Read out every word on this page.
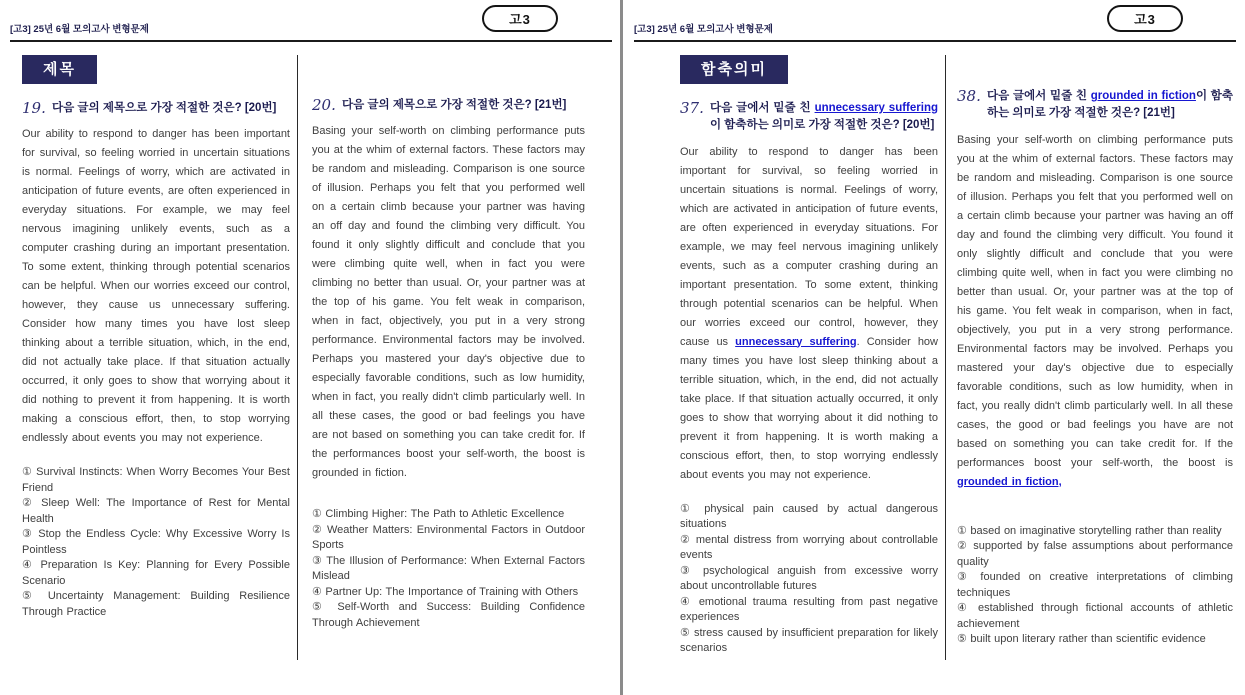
[고3] 25년 6월 모의고사 변형문제
고3
제목
19. 다음 글의 제목으로 가장 적절한 것은? [20번]
Our ability to respond to danger has been important for survival, so feeling worried in uncertain situations is normal. Feelings of worry, which are activated in anticipation of future events, are often experienced in everyday situations. For example, we may feel nervous imagining unlikely events, such as a computer crashing during an important presentation. To some extent, thinking through potential scenarios can be helpful. When our worries exceed our control, however, they cause us unnecessary suffering. Consider how many times you have lost sleep thinking about a terrible situation, which, in the end, did not actually take place. If that situation actually occurred, it only goes to show that worrying about it did nothing to prevent it from happening. It is worth making a conscious effort, then, to stop worrying endlessly about events you may not experience.
① Survival Instincts: When Worry Becomes Your Best Friend
② Sleep Well: The Importance of Rest for Mental Health
③ Stop the Endless Cycle: Why Excessive Worry Is Pointless
④ Preparation Is Key: Planning for Every Possible Scenario
⑤ Uncertainty Management: Building Resilience Through Practice
20. 다음 글의 제목으로 가장 적절한 것은? [21번]
Basing your self-worth on climbing performance puts you at the whim of external factors. These factors may be random and misleading. Comparison is one source of illusion. Perhaps you felt that you performed well on a certain climb because your partner was having an off day and found the climbing very difficult. You found it only slightly difficult and conclude that you were climbing quite well, when in fact you were climbing no better than usual. Or, your partner was at the top of his game. You felt weak in comparison, when in fact, objectively, you put in a very strong performance. Environmental factors may be involved. Perhaps you mastered your day's objective due to especially favorable conditions, such as low humidity, when in fact, you really didn't climb particularly well. In all these cases, the good or bad feelings you have are not based on something you can take credit for. If the performances boost your self-worth, the boost is grounded in fiction.
① Climbing Higher: The Path to Athletic Excellence
② Weather Matters: Environmental Factors in Outdoor Sports
③ The Illusion of Performance: When External Factors Mislead
④ Partner Up: The Importance of Training with Others
⑤ Self-Worth and Success: Building Confidence Through Achievement
[고3] 25년 6월 모의고사 변형문제
고3
함축의미
37. 다음 글에서 밑줄 친 unnecessary suffering이 함축하는 의미로 가장 적절한 것은? [20번]
Our ability to respond to danger has been important for survival, so feeling worried in uncertain situations is normal. Feelings of worry, which are activated in anticipation of future events, are often experienced in everyday situations. For example, we may feel nervous imagining unlikely events, such as a computer crashing during an important presentation. To some extent, thinking through potential scenarios can be helpful. When our worries exceed our control, however, they cause us unnecessary suffering. Consider how many times you have lost sleep thinking about a terrible situation, which, in the end, did not actually take place. If that situation actually occurred, it only goes to show that worrying about it did nothing to prevent it from happening. It is worth making a conscious effort, then, to stop worrying endlessly about events you may not experience.
① physical pain caused by actual dangerous situations
② mental distress from worrying about controllable events
③ psychological anguish from excessive worry about uncontrollable futures
④ emotional trauma resulting from past negative experiences
⑤ stress caused by insufficient preparation for likely scenarios
38. 다음 글에서 밑줄 친 grounded in fiction이 함축하는 의미로 가장 적절한 것은? [21번]
Basing your self-worth on climbing performance puts you at the whim of external factors. These factors may be random and misleading. Comparison is one source of illusion. Perhaps you felt that you performed well on a certain climb because your partner was having an off day and found the climbing very difficult. You found it only slightly difficult and conclude that you were climbing quite well, when in fact you were climbing no better than usual. Or, your partner was at the top of his game. You felt weak in comparison, when in fact, objectively, you put in a very strong performance. Environmental factors may be involved. Perhaps you mastered your day's objective due to especially favorable conditions, such as low humidity, when in fact, you really didn't climb particularly well. In all these cases, the good or bad feelings you have are not based on something you can take credit for. If the performances boost your self-worth, the boost is grounded in fiction,
① based on imaginative storytelling rather than reality
② supported by false assumptions about performance quality
③ founded on creative interpretations of climbing techniques
④ established through fictional accounts of athletic achievement
⑤ built upon literary rather than scientific evidence
